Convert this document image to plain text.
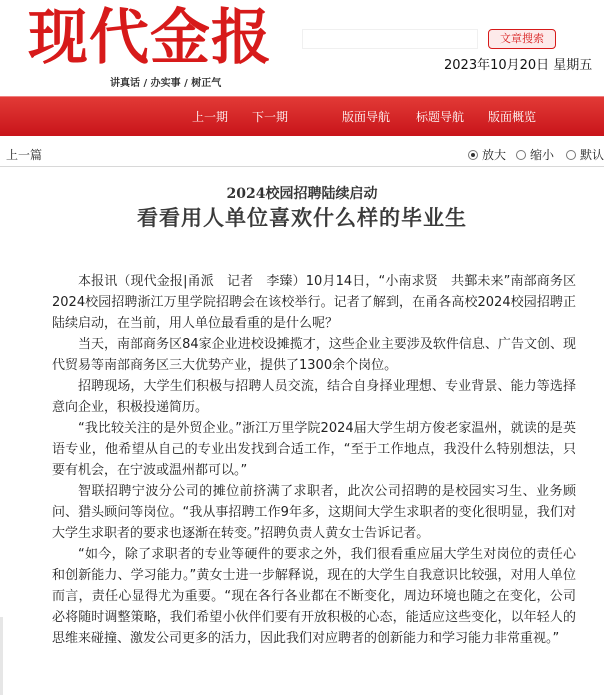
现代金报
讲真话 / 办实事 / 树正气
文章搜索
2023年10月20日 星期五
上一期 下一期	版面导航 标题导航 版面概览
上一篇	放大	缩小	默认
2024校园招聘陆续启动
看看用人单位喜欢什么样的毕业生

本报讯（现代金报|甬派　记者　李臻）10月14日，“小南求贤　共鄞未来”南部商务区2024校园招聘浙江万里学院招聘会在该校举行。记者了解到，在甬各高校2024校园招聘正陆续启动，在当前，用人单位最看重的是什么呢？

当天，南部商务区84家企业进校设摊揽才，这些企业主要涉及软件信息、广告文创、现代贸易等南部商务区三大优势产业，提供了1300余个岗位。

招聘现场，大学生们积极与招聘人员交流，结合自身择业理想、专业背景、能力等选择意向企业，积极投递简历。

“我比较关注的是外贸企业。”浙江万里学院2024届大学生胡方俊老家温州，就读的是英语专业，他希望从自己的专业出发找到合适工作，“至于工作地点，我没什么特别想法，只要有机会，在宁波或温州都可以。”

智联招聘宁波分公司的摊位前挤满了求职者，此次公司招聘的是校园实习生、业务顾问、猎头顾问等岗位。“我从事招聘工作9年多，这期间大学生求职者的变化很明显，我们对大学生求职者的要求也逐渐在转变。”招聘负责人黄女士告诉记者。

“如今，除了求职者的专业等硬件的要求之外，我们很看重应届大学生对岗位的责任心和创新能力、学习能力。”黄女士进一步解释说，现在的大学生自我意识比较强，对用人单位而言，责任心显得尤为重要。“现在各行各业都在不断变化，周边环境也随之在变化，公司必将随时调整策略，我们希望小伙伴们要有开放积极的心态，能适应这些变化，以年轻人的思维来碰撞、激发公司更多的活力，因此我们对应聘者的创新能力和学习能力非常重视。”
